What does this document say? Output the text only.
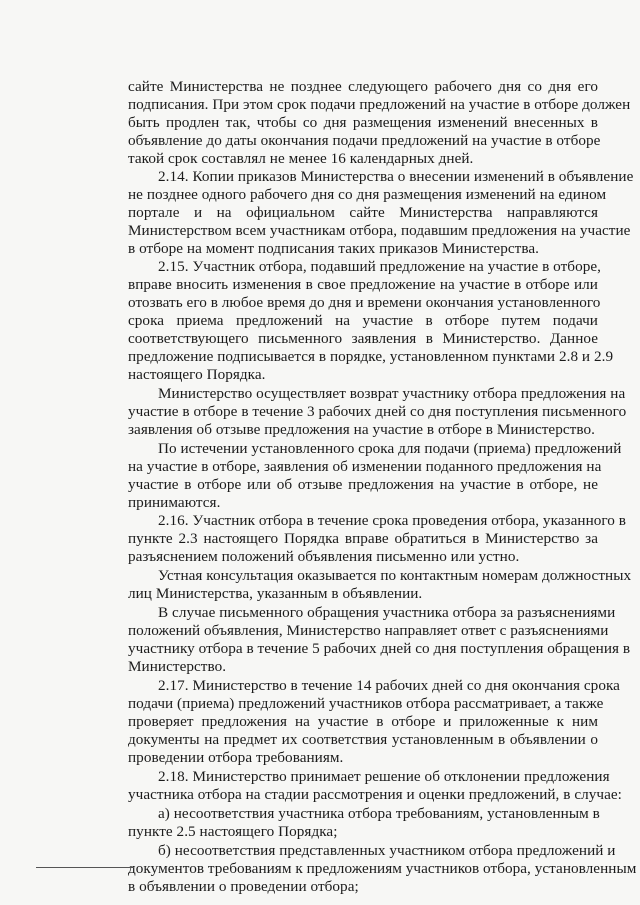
сайте Министерства не позднее следующего рабочего дня со дня его
подписания. При этом срок подачи предложений на участие в отборе должен
быть продлен так, чтобы со дня размещения изменений внесенных в
объявление до даты окончания подачи предложений на участие в отборе
такой срок составлял не менее 16 календарных дней.
2.14. Копии приказов Министерства о внесении изменений в объявление
не позднее одного рабочего дня со дня размещения изменений на едином
портале и на официальном сайте Министерства направляются
Министерством всем участникам отбора, подавшим предложения на участие
в отборе на момент подписания таких приказов Министерства.
2.15. Участник отбора, подавший предложение на участие в отборе,
вправе вносить изменения в свое предложение на участие в отборе или
отозвать его в любое время до дня и времени окончания установленного
срока приема предложений на участие в отборе путем подачи
соответствующего письменного заявления в Министерство. Данное
предложение подписывается в порядке, установленном пунктами 2.8 и 2.9
настоящего Порядка.
Министерство осуществляет возврат участнику отбора предложения на
участие в отборе в течение 3 рабочих дней со дня поступления письменного
заявления об отзыве предложения на участие в отборе в Министерство.
По истечении установленного срока для подачи (приема) предложений
на участие в отборе, заявления об изменении поданного предложения на
участие в отборе или об отзыве предложения на участие в отборе, не
принимаются.
2.16. Участник отбора в течение срока проведения отбора, указанного в
пункте 2.3 настоящего Порядка вправе обратиться в Министерство за
разъяснением положений объявления письменно или устно.
Устная консультация оказывается по контактным номерам должностных
лиц Министерства, указанным в объявлении.
В случае письменного обращения участника отбора за разъяснениями
положений объявления, Министерство направляет ответ с разъяснениями
участнику отбора в течение 5 рабочих дней со дня поступления обращения в
Министерство.
2.17. Министерство в течение 14 рабочих дней со дня окончания срока
подачи (приема) предложений участников отбора рассматривает, а также
проверяет предложения на участие в отборе и приложенные к ним
документы на предмет их соответствия установленным в объявлении о
проведении отбора требованиям.
2.18. Министерство принимает решение об отклонении предложения
участника отбора на стадии рассмотрения и оценки предложений, в случае:
а) несоответствия участника отбора требованиям, установленным в
пункте 2.5 настоящего Порядка;
б) несоответствия представленных участником отбора предложений и
документов требованиям к предложениям участников отбора, установленным
в объявлении о проведении отбора;
